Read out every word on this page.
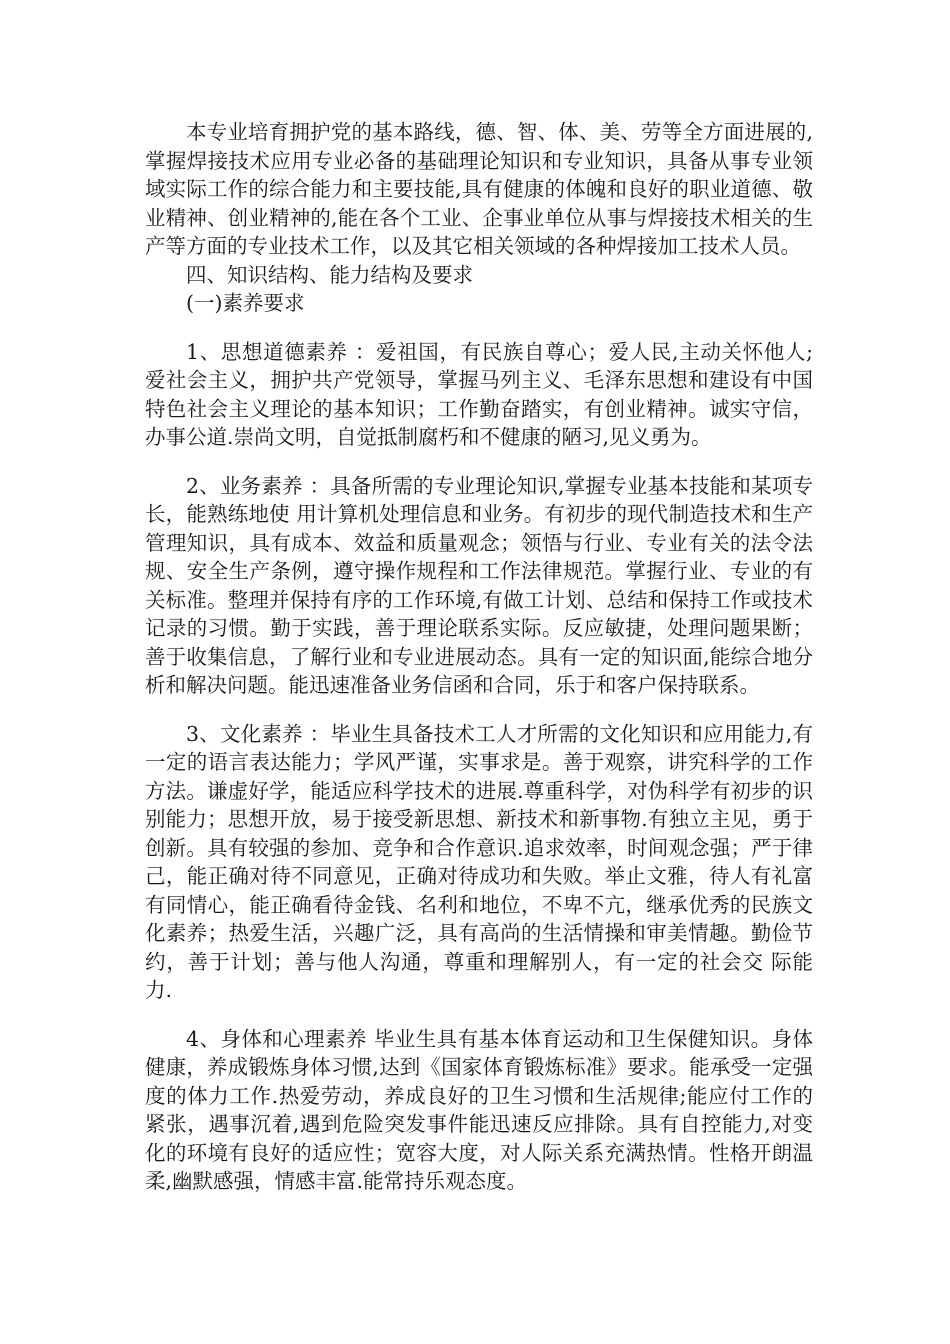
本专业培育拥护党的基本路线，德、智、体、美、劳等全方面进展的,掌握焊接技术应用专业必备的基础理论知识和专业知识，具备从事专业领域实际工作的综合能力和主要技能,具有健康的体魄和良好的职业道德、敬业精神、创业精神的,能在各个工业、企事业单位从事与焊接技术相关的生产等方面的专业技术工作，以及其它相关领域的各种焊接加工技术人员。

四、知识结构、能力结构及要求

(一)素养要求

1、思想道德素养 ：爱祖国，有民族自尊心；爱人民,主动关怀他人;爱社会主义，拥护共产党领导，掌握马列主义、毛泽东思想和建设有中国特色社会主义理论的基本知识；工作勤奋踏实，有创业精神。诚实守信，办事公道.崇尚文明，自觉抵制腐朽和不健康的陋习,见义勇为。

2、业务素养 ：具备所需的专业理论知识,掌握专业基本技能和某项专长，能熟练地使 用计算机处理信息和业务。有初步的现代制造技术和生产管理知识，具有成本、效益和质量观念；领悟与行业、专业有关的法令法规、安全生产条例，遵守操作规程和工作法律规范。掌握行业、专业的有关标准。整理并保持有序的工作环境,有做工计划、总结和保持工作或技术记录的习惯。勤于实践，善于理论联系实际。反应敏捷，处理问题果断； 善于收集信息，了解行业和专业进展动态。具有一定的知识面,能综合地分析和解决问题。能迅速准备业务信函和合同，乐于和客户保持联系。

3、文化素养 ：毕业生具备技术工人才所需的文化知识和应用能力,有一定的语言表达能力；学风严谨，实事求是。善于观察，讲究科学的工作方法。谦虚好学，能适应科学技术的进展.尊重科学，对伪科学有初步的识别能力；思想开放，易于接受新思想、新技术和新事物.有独立主见，勇于创新。具有较强的参加、竞争和合作意识.追求效率，时间观念强；严于律己，能正确对待不同意见，正确对待成功和失败。举止文雅，待人有礼富有同情心，能正确看待金钱、名利和地位，不卑不亢，继承优秀的民族文化素养；热爱生活，兴趣广泛，具有高尚的生活情操和审美情趣。勤俭节约，善于计划；善与他人沟通，尊重和理解别人，有一定的社会交 际能力.

4、身体和心理素养 毕业生具有基本体育运动和卫生保健知识。身体健康，养成锻炼身体习惯,达到《国家体育锻炼标准》要求。能承受一定强度的体力工作.热爱劳动，养成良好的卫生习惯和生活规律;能应付工作的紧张，遇事沉着,遇到危险突发事件能迅速反应排除。具有自控能力,对变化的环境有良好的适应性；宽容大度，对人际关系充满热情。性格开朗温柔,幽默感强，情感丰富.能常持乐观态度。
